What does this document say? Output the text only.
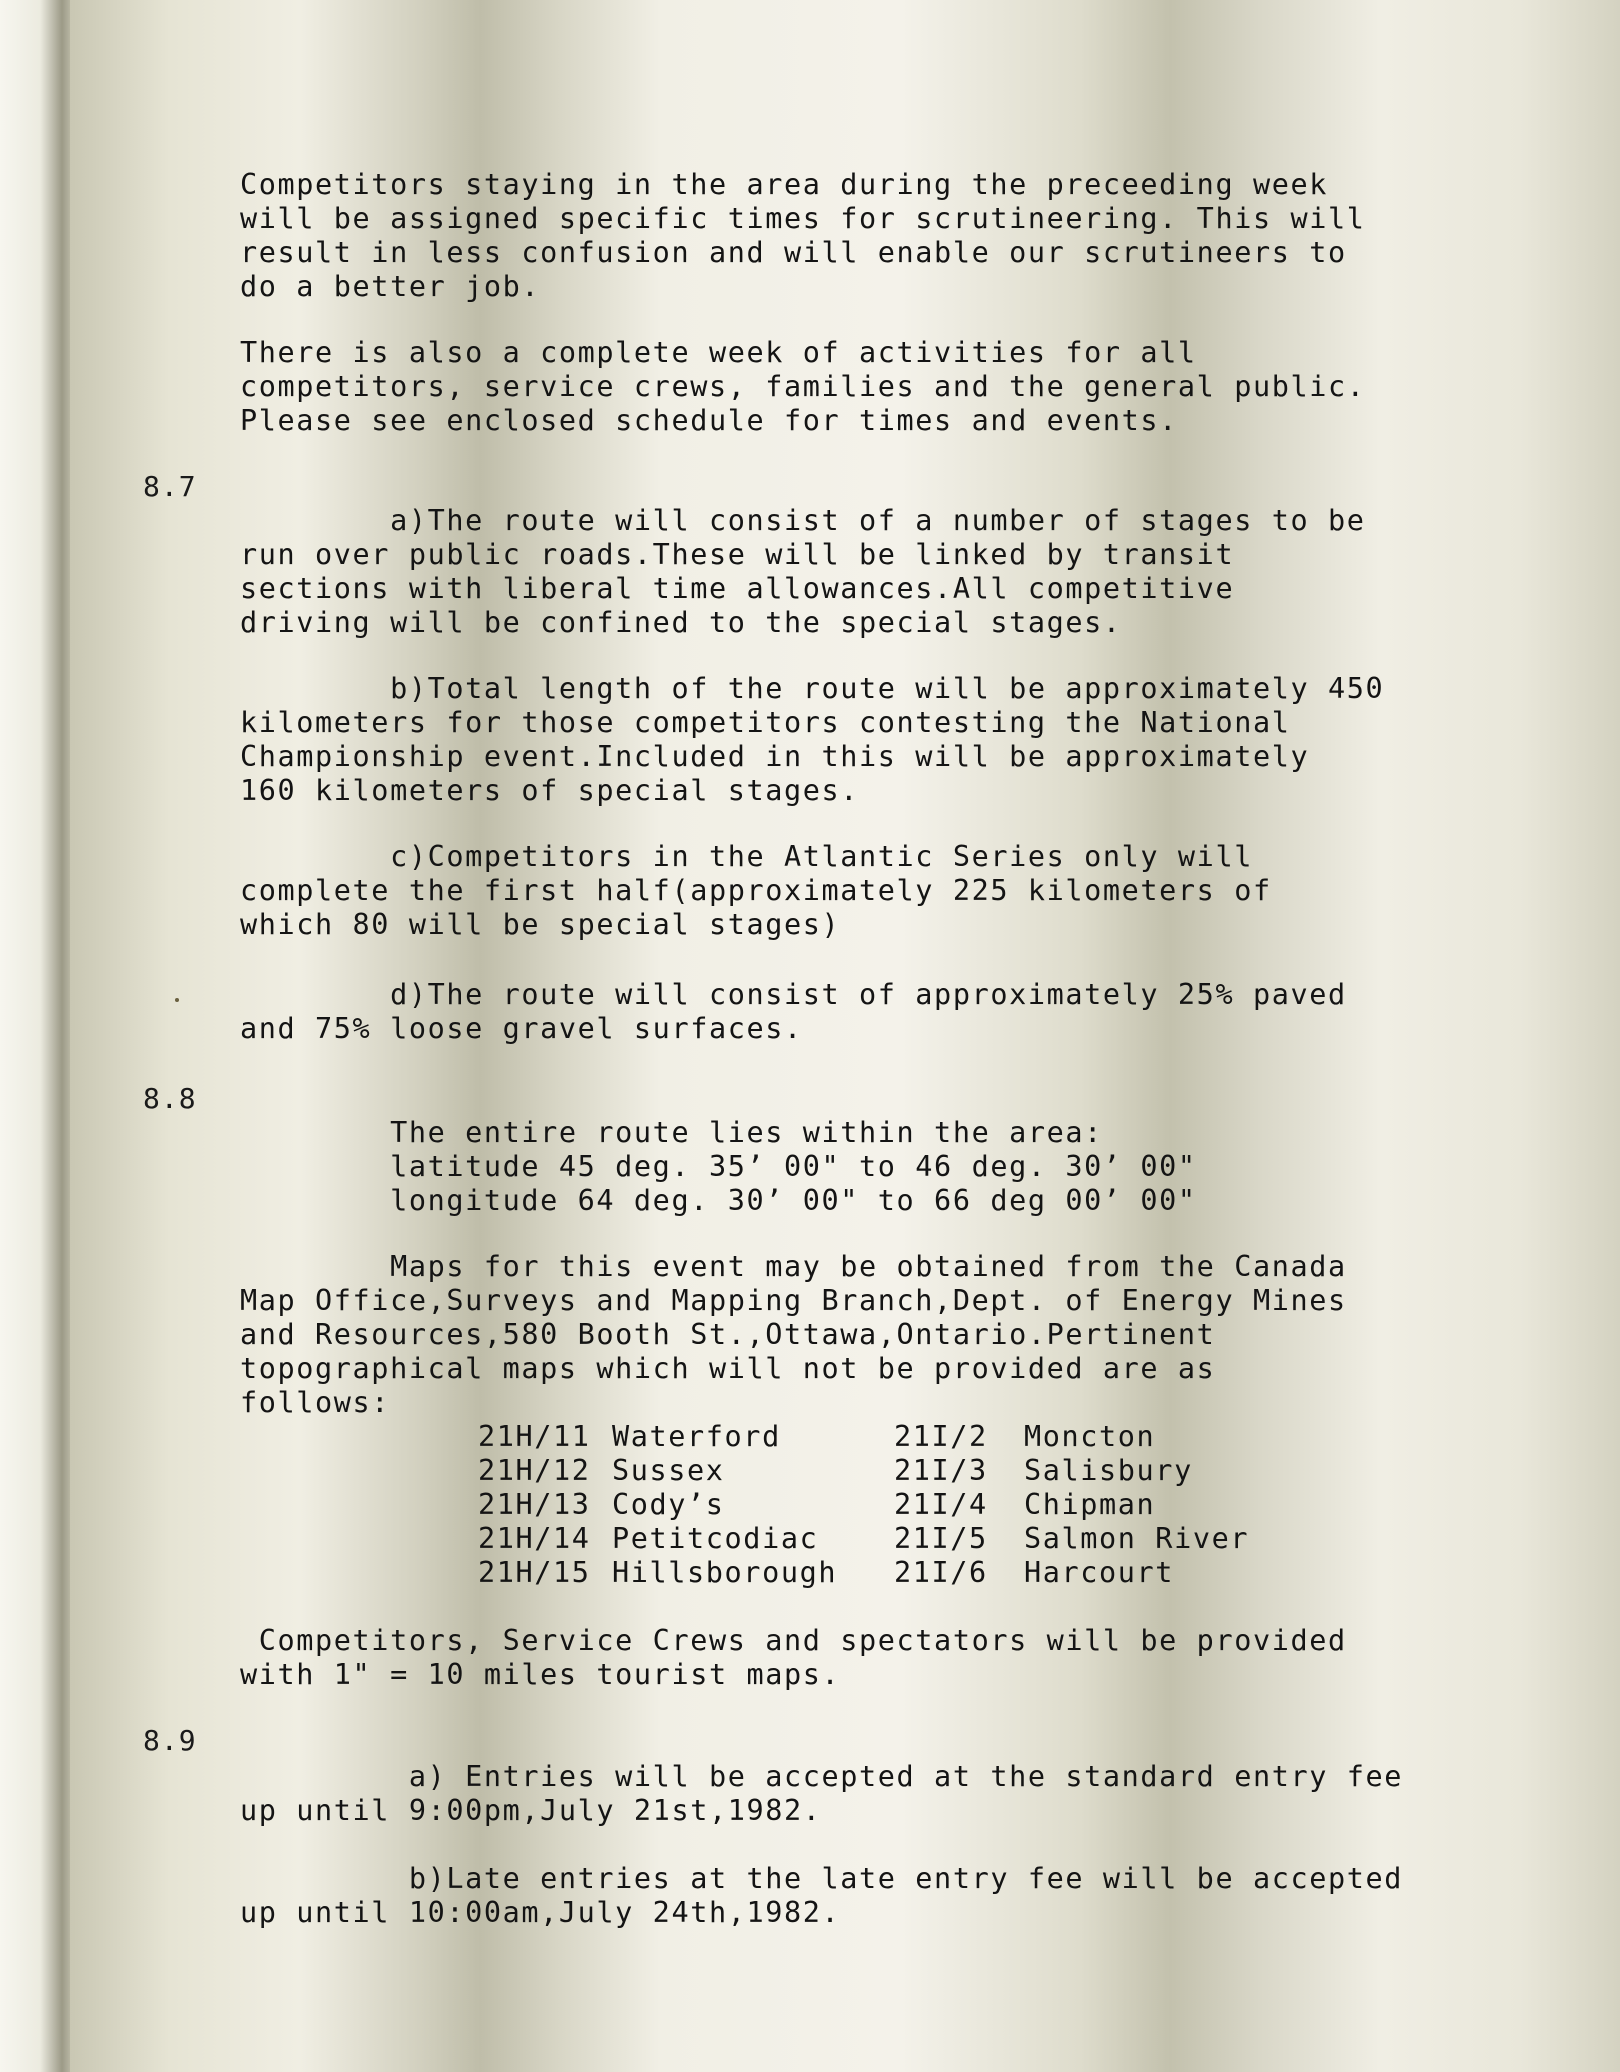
Competitors staying in the area during the preceeding week
will be assigned specific times for scrutineering. This will
result in less confusion and will enable our scrutineers to
do a better job.
There is also a complete week of activities for all
competitors, service crews, families and the general public.
Please see enclosed schedule for times and events.
8.7
a)The route will consist of a number of stages to be
run over public roads.These will be linked by transit
sections with liberal time allowances.All competitive
driving will be confined to the special stages.
b)Total length of the route will be approximately 450
kilometers for those competitors contesting the National
Championship event.Included in this will be approximately
160 kilometers of special stages.
c)Competitors in the Atlantic Series only will
complete the first half(approximately 225 kilometers of
which 80 will be special stages)
d)The route will consist of approximately 25% paved
and 75% loose gravel surfaces.
8.8
The entire route lies within the area:
latitude 45 deg. 35’ 00" to 46 deg. 30’ 00"
longitude 64 deg. 30’ 00" to 66 deg 00’ 00"
Maps for this event may be obtained from the Canada
Map Office,Surveys and Mapping Branch,Dept. of Energy Mines
and Resources,580 Booth St.,Ottawa,Ontario.Pertinent
topographical maps which will not be provided are as
follows:
21H/11 Waterford	21I/2 Moncton
21H/12 Sussex	21I/3 Salisbury
21H/13 Cody’s	21I/4 Chipman
21H/14 Petitcodiac	21I/5 Salmon River
21H/15 Hillsborough 21I/6 Harcourt
Competitors, Service Crews and spectators will be provided
with 1" = 10 miles tourist maps.
8.9
a) Entries will be accepted at the standard entry fee
up until 9:00pm,July 21st,1982.
b)Late entries at the late entry fee will be accepted
up until 10:00am,July 24th,1982.
